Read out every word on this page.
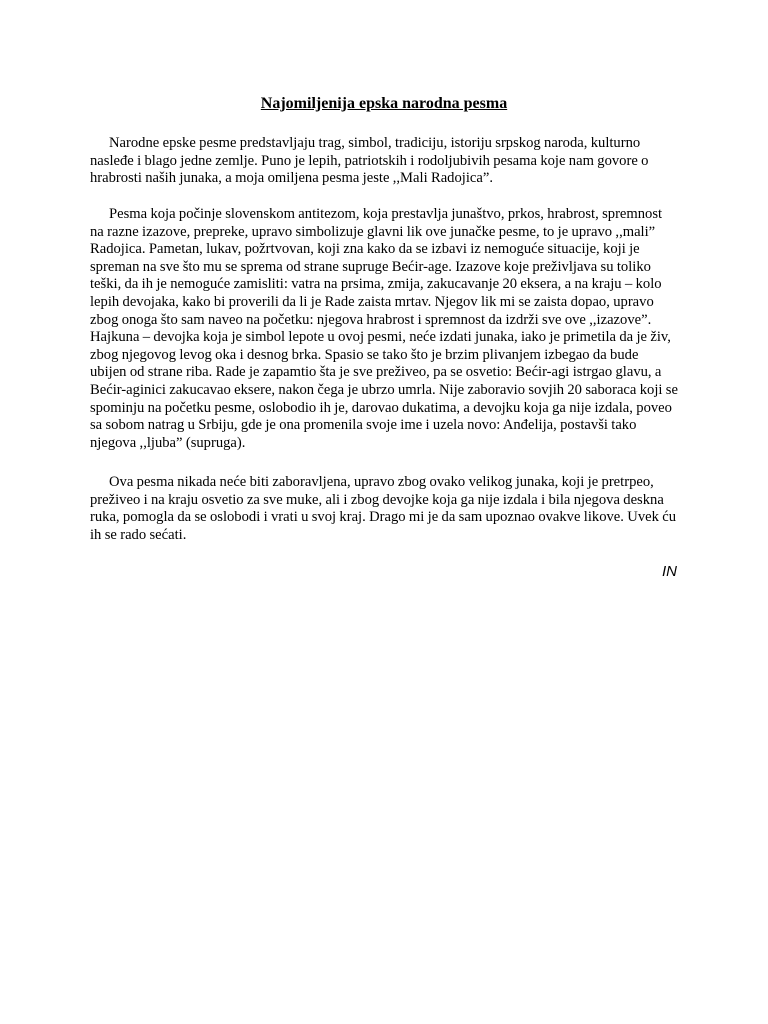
Najomiljenija epska narodna pesma

Narodne epske pesme predstavljaju trag, simbol, tradiciju, istoriju srpskog naroda, kulturno nasleđe i blago jedne zemlje. Puno je lepih, patriotskih i rodoljubivih pesama koje nam govore o hrabrosti naših junaka, a moja omiljena pesma jeste ,,Mali Radojica”.

Pesma koja počinje slovenskom antitezom, koja prestavlja junaštvo, prkos, hrabrost, spremnost na razne izazove, prepreke, upravo simbolizuje glavni lik ove junačke pesme, to je upravo ,,mali” Radojica. Pametan, lukav, požrtvovan, koji zna kako da se izbavi iz nemogućе situacije, koji je spreman na sve što mu se sprema od strane supruge Bećir-age. Izazove koje preživljava su toliko teški, da ih je nemoguće zamisliti: vatra na prsima, zmija, zakucavanje 20 eksera, a na kraju – kolo lepih devojaka, kako bi proverili da li je Rade zaista mrtav. Njegov lik mi se zaista dopao, upravo zbog onoga što sam naveo na početku: njegova hrabrost i spremnost da izdrži sve ove ,,izazove”. Hajkuna – devojka koja je simbol lepote u ovoj pesmi, neće izdati junaka, iako je primetila da je živ, zbog njegovog levog oka i desnog brka. Spasio se tako što je brzim plivanjem izbegao da bude ubijen od strane riba. Rade je zapamtio šta je sve preživeo, pa se osvetio: Bećir-agi istrgao glavu, a Bećir-aginici zakucavao eksere, nakon čega je ubrzo umrla. Nije zaboravio sovjih 20 saboraca koji se spominju na početku pesme, oslobodio ih je, darovao dukatima, a devojku koja ga nije izdala, poveo sa sobom natrag u Srbiju, gde je ona promenila svoje ime i uzela novo: Anđelija, postavši tako njegova ,,ljuba” (supruga).

Ova pesma nikada neće biti zaboravljena, upravo zbog ovako velikog junaka, koji je pretrpeo, preživeo i na kraju osvetio za sve muke, ali i zbog devojke koja ga nije izdala i bila njegova deskna ruka, pomogla da se oslobodi i vrati u svoj kraj. Drago mi je da sam upoznao ovakve likove. Uvek ću ih se rado sećati.

IN
